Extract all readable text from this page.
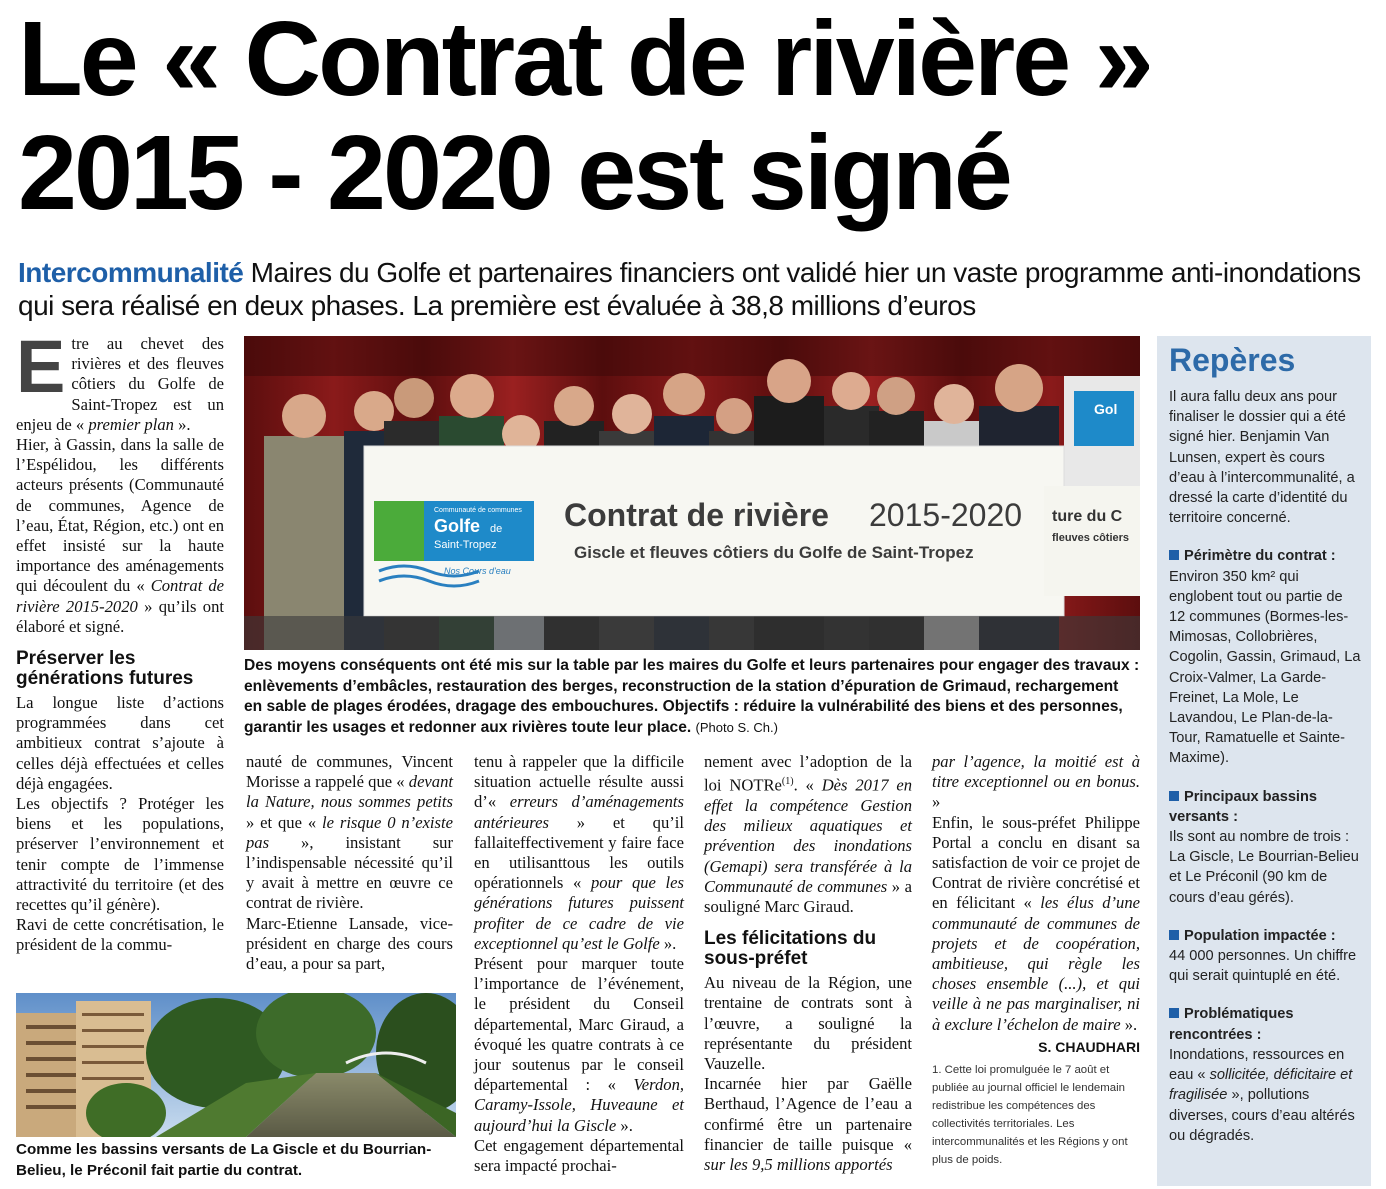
Le « Contrat de rivière » 2015 - 2020 est signé
Intercommunalité Maires du Golfe et partenaires financiers ont validé hier un vaste programme anti-inondations qui sera réalisé en deux phases. La première est évaluée à 38,8 millions d’euros

Etre au chevet des rivières et des fleuves côtiers du Golfe de Saint-Tropez est un enjeu de « premier plan ».

Hier, à Gassin, dans la salle de l’Espélidou, les différents acteurs présents (Communauté de communes, Agence de l’eau, État, Région, etc.) ont en effet insisté sur la haute importance des aménagements qui découlent du « Contrat de rivière 2015-2020 » qu’ils ont élaboré et signé.

Préserver les générations futures

La longue liste d’actions programmées dans cet ambitieux contrat s’ajoute à celles déjà effectuées et celles déjà engagées.

Les objectifs ? Protéger les biens et les populations, préserver l’environnement et tenir compte de l’immense attractivité du territoire (et des recettes qu’il génère).

Ravi de cette concrétisation, le président de la commu-

Comme les bassins versants de La Giscle et du Bourrian-Belieu, le Préconil fait partie du contrat.
Communauté de communes
Golfe de
Saint-Tropez
Nos Cours d'eau
Contrat de rivière 2015-2020
Giscle et fleuves côtiers du Golfe de Saint-Tropez
ture du C
fleuves côtiers
Gol
Des moyens conséquents ont été mis sur la table par les maires du Golfe et leurs partenaires pour engager des travaux : enlèvements d’embâcles, restauration des berges, reconstruction de la station d’épuration de Grimaud, rechargement en sable de plages érodées, dragage des embouchures. Objectifs : réduire la vulnérabilité des biens et des personnes, garantir les usages et redonner aux rivières toute leur place. (Photo S. Ch.)

nauté de communes, Vincent Morisse a rappelé que « devant la Nature, nous sommes petits » et que « le risque 0 n’existe pas », insistant sur l’indispensable nécessité qu’il y avait à mettre en œuvre ce contrat de rivière.

Marc-Etienne Lansade, vice-président en charge des cours d’eau, a pour sa part,

tenu à rappeler que la difficile situation actuelle résulte aussi d’« erreurs d’aménagements antérieures » et qu’il fallaiteffectivement y faire face en utilisanttous les outils opérationnels « pour que les générations futures puissent profiter de ce cadre de vie exceptionnel qu’est le Golfe ».

Présent pour marquer toute l’importance de l’événement, le président du Conseil départemental, Marc Giraud, a évoqué les quatre contrats à ce jour soutenus par le conseil départemental : « Verdon, Caramy-Issole, Huveaune et aujourd’hui la Giscle ».

Cet engagement départemental sera impacté prochai-

nement avec l’adoption de la loi NOTRe$^{(1)}$. « Dès 2017 en effet la compétence Gestion des milieux aquatiques et prévention des inondations (Gemapi) sera transférée à la Communauté de communes » a souligné Marc Giraud.

Les félicitations du sous-préfet

Au niveau de la Région, une trentaine de contrats sont à l’œuvre, a souligné la représentante du président Vauzelle.

Incarnée hier par Gaëlle Berthaud, l’Agence de l’eau a confirmé être un partenaire financier de taille puisque « sur les 9,5 millions apportés

par l’agence, la moitié est à titre exceptionnel ou en bonus. »

Enfin, le sous-préfet Philippe Portal a conclu en disant sa satisfaction de voir ce projet de Contrat de rivière concrétisé et en félicitant « les élus d’une communauté de communes de projets et de coopération, ambitieuse, qui règle les choses ensemble (...), et qui veille à ne pas marginaliser, ni à exclure l’échelon de maire ».

S. CHAUDHARI
1. Cette loi promulguée le 7 août et publiée au journal officiel le lendemain redistribue les compétences des collectivités territoriales. Les intercommunalités et les Régions y ont plus de poids.
Repères
Il aura fallu deux ans pour finaliser le dossier qui a été signé hier. Benjamin Van Lunsen, expert ès cours d’eau à l’intercommunalité, a dressé la carte d’identité du territoire concerné.
Périmètre du contrat :
Environ 350 km² qui englobent tout ou partie de 12 communes (Bormes-les-Mimosas, Collobrières, Cogolin, Gassin, Grimaud, La Croix-Valmer, La Garde-Freinet, La Mole, Le Lavandou, Le Plan-de-la-Tour, Ramatuelle et Sainte-Maxime).
Principaux bassins versants :
Ils sont au nombre de trois : La Giscle, Le Bourrian-Belieu et Le Préconil (90 km de cours d’eau gérés).
Population impactée :
44 000 personnes. Un chiffre qui serait quintuplé en été.
Problématiques rencontrées :
Inondations, ressources en eau « sollicitée, déficitaire et fragilisée », pollutions diverses, cours d’eau altérés ou dégradés.
